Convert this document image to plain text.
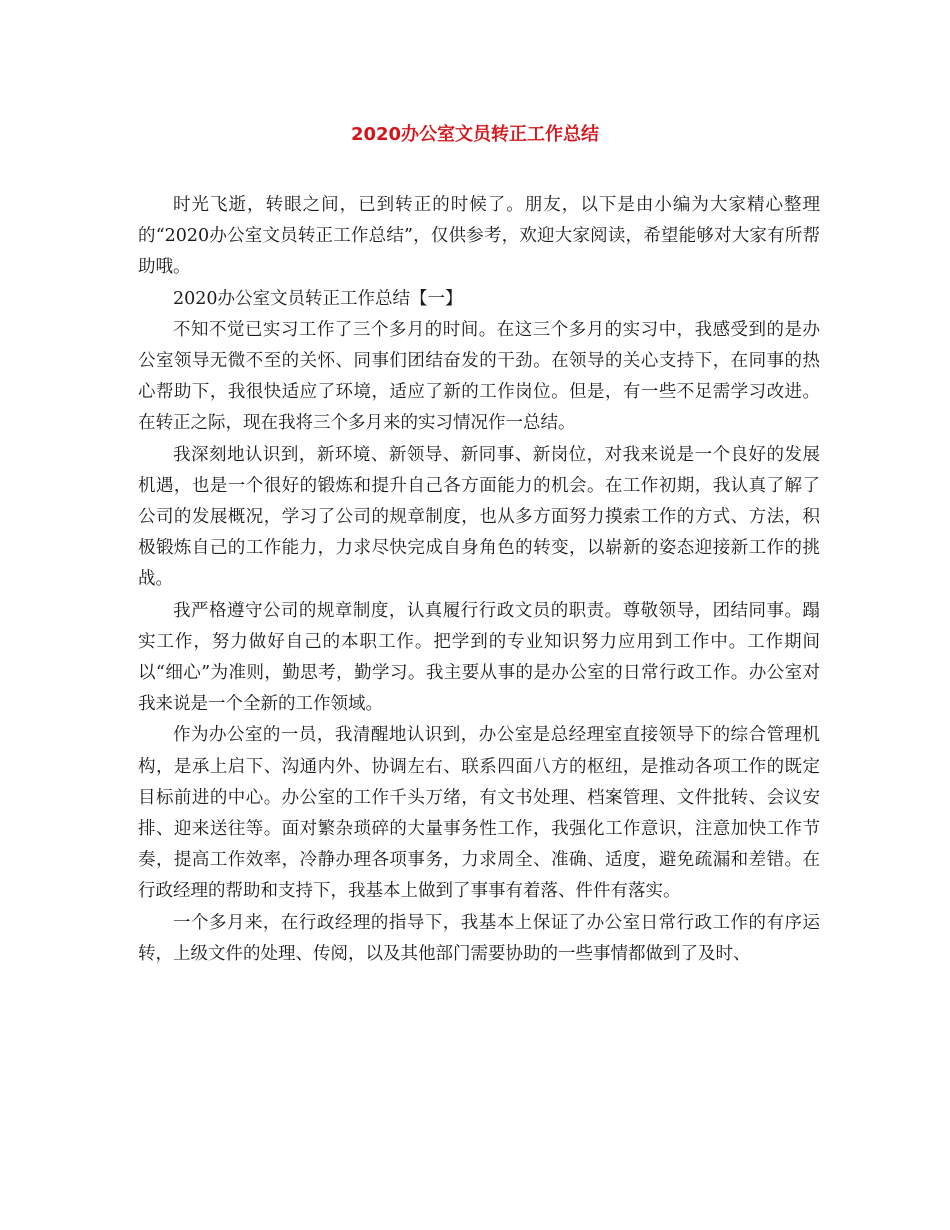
2020办公室文员转正工作总结

时光飞逝，转眼之间，已到转正的时候了。朋友，以下是由小编为大家精心整理的“2020办公室文员转正工作总结”，仅供参考，欢迎大家阅读，希望能够对大家有所帮助哦。

2020办公室文员转正工作总结【一】

不知不觉已实习工作了三个多月的时间。在这三个多月的实习中，我感受到的是办公室领导无微不至的关怀、同事们团结奋发的干劲。在领导的关心支持下，在同事的热心帮助下，我很快适应了环境，适应了新的工作岗位。但是，有一些不足需学习改进。在转正之际，现在我将三个多月来的实习情况作一总结。

我深刻地认识到，新环境、新领导、新同事、新岗位，对我来说是一个良好的发展机遇，也是一个很好的锻炼和提升自己各方面能力的机会。在工作初期，我认真了解了公司的发展概况，学习了公司的规章制度，也从多方面努力摸索工作的方式、方法，积极锻炼自己的工作能力，力求尽快完成自身角色的转变，以崭新的姿态迎接新工作的挑战。

我严格遵守公司的规章制度，认真履行行政文员的职责。尊敬领导，团结同事。蹋实工作，努力做好自己的本职工作。把学到的专业知识努力应用到工作中。工作期间以“细心”为准则，勤思考，勤学习。我主要从事的是办公室的日常行政工作。办公室对我来说是一个全新的工作领域。

作为办公室的一员，我清醒地认识到，办公室是总经理室直接领导下的综合管理机构，是承上启下、沟通内外、协调左右、联系四面八方的枢纽，是推动各项工作的既定目标前进的中心。办公室的工作千头万绪，有文书处理、档案管理、文件批转、会议安排、迎来送往等。面对繁杂琐碎的大量事务性工作，我强化工作意识，注意加快工作节奏，提高工作效率，冷静办理各项事务，力求周全、准确、适度，避免疏漏和差错。在行政经理的帮助和支持下，我基本上做到了事事有着落、件件有落实。

一个多月来，在行政经理的指导下，我基本上保证了办公室日常行政工作的有序运转，上级文件的处理、传阅，以及其他部门需要协助的一些事情都做到了及时、
